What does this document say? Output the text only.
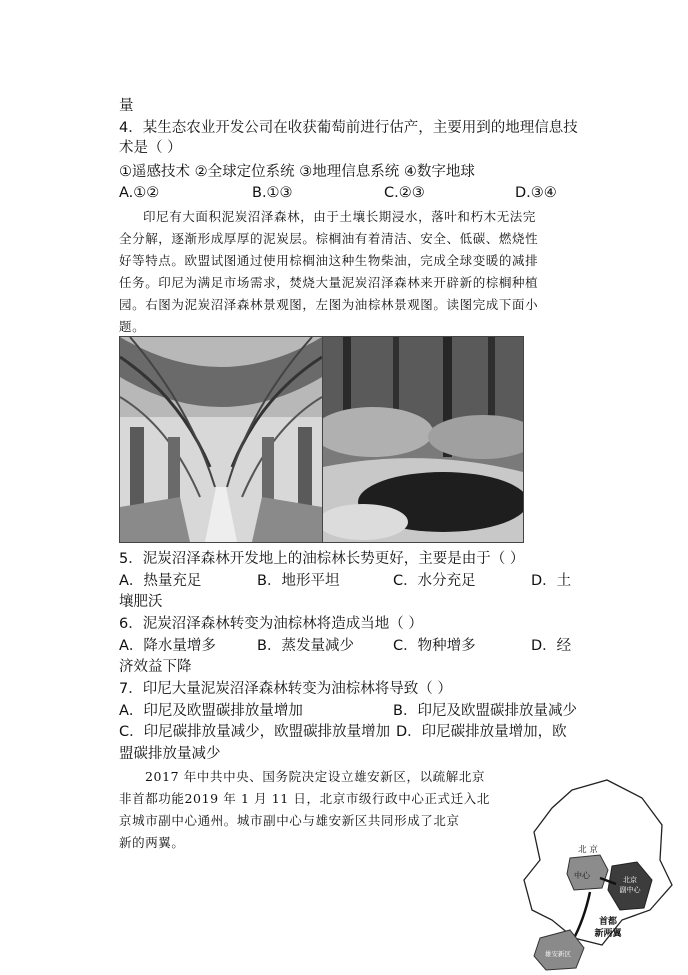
量
4．某生态农业开发公司在收获葡萄前进行估产，主要用到的地理信息技
术是（ ）
①遥感技术 ②全球定位系统 ③地理信息系统 ④数字地球
A.①②	B.①③	C.②③	D.③④
印尼有大面积泥炭沼泽森林，由于土壤长期浸水，落叶和朽木无法完
全分解，逐渐形成厚厚的泥炭层。棕榈油有着清洁、安全、低碳、燃烧性
好等特点。欧盟试图通过使用棕榈油这种生物柴油，完成全球变暖的减排
任务。印尼为满足市场需求，焚烧大量泥炭沼泽森林来开辟新的棕榈种植
园。右图为泥炭沼泽森林景观图，左图为油棕林景观图。读图完成下面小
题。
5．泥炭沼泽森林开发地上的油棕林长势更好，主要是由于（ ）
A．热量充足	B．地形平坦	C．水分充足	D．土
壤肥沃
6．泥炭沼泽森林转变为油棕林将造成当地（ ）
A．降水量增多	B．蒸发量减少	C．物种增多	D．经
济效益下降
7．印尼大量泥炭沼泽森林转变为油棕林将导致（ ）
A．印尼及欧盟碳排放量增加	B．印尼及欧盟碳排放量减少
C．印尼碳排放量减少，欧盟碳排放量增加 D．印尼碳排放量增加，欧
盟碳排放量减少
2017 年中共中央、国务院决定设立雄安新区，以疏解北京
非首都功能2019 年 1 月 11 日，北京市级行政中心正式迁入北
京城市副中心通州。城市副中心与雄安新区共同形成了北京
新的两翼。	北 京
中心	北京
副中心
首都
新两翼
雄安新区
